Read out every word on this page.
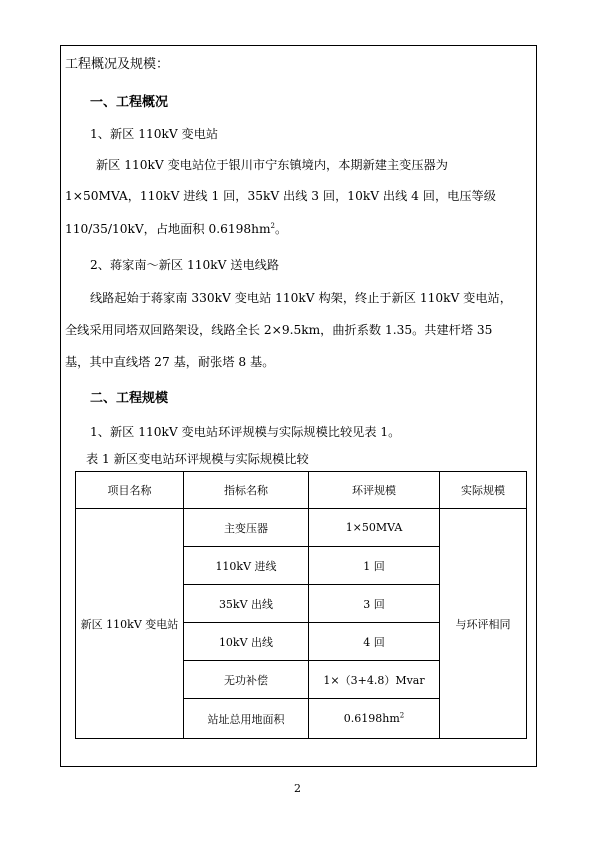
工程概况及规模：
一、工程概况
1、新区 110kV 变电站
新区 110kV 变电站位于银川市宁东镇境内，本期新建主变压器为
1×50MVA，110kV 进线 1 回，35kV 出线 3 回，10kV 出线 4 回，电压等级
110/35/10kV，占地面积 $0.6198hm^2$。
2、蒋家南～新区 110kV 送电线路
线路起始于蒋家南 330kV 变电站 110kV 构架，终止于新区 110kV 变电站，
全线采用同塔双回路架设，线路全长 2×9.5km，曲折系数 1.35。共建杆塔 35
基，其中直线塔 27 基，耐张塔 8 基。
二、工程规模
1、新区 110kV 变电站环评规模与实际规模比较见表 1。
表 1 新区变电站环评规模与实际规模比较
项目名称	指标名称	环评规模	实际规模
新区 110kV 变电站	主变压器	1×50MVA	与环评相同
	110kV 进线	1 回	
	35kV 出线	3 回	
	10kV 出线	4 回	
	无功补偿	1×（3+4.8）Mvar	
	站址总用地面积	$0.6198hm^2$
2
